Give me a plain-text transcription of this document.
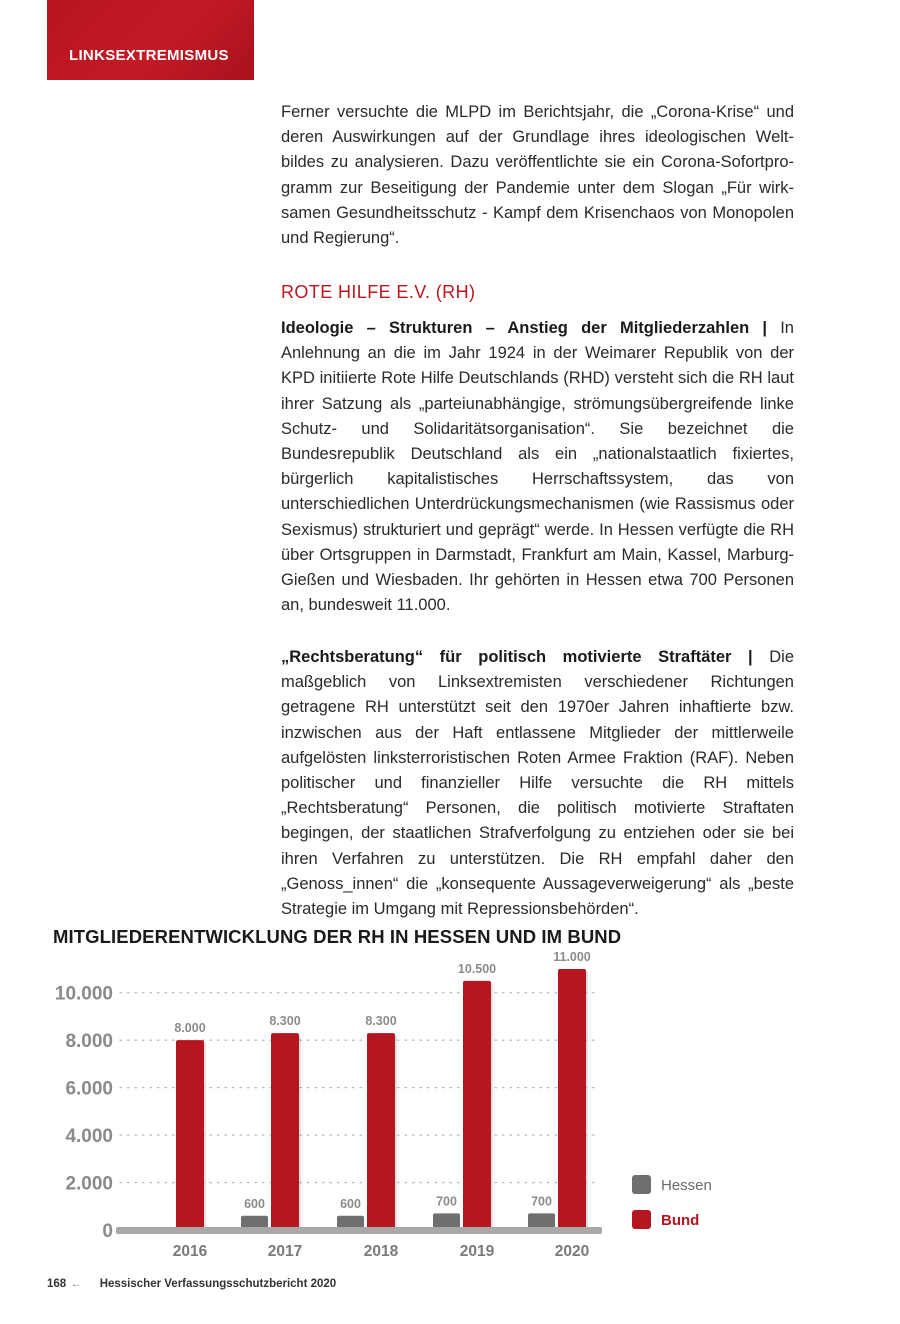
LINKSEXTREMISMUS

Ferner versuchte die MLPD im Berichtsjahr, die „Corona-Krise“ und deren Auswirkungen auf der Grundlage ihres ideologischen Weltbildes zu analysieren. Dazu veröffentlichte sie ein Corona-Sofortprogramm zur Beseitigung der Pandemie unter dem Slogan „Für wirksamen Gesundheitsschutz - Kampf dem Krisenchaos von Monopolen und Regierung“.

ROTE HILFE E.V. (RH)

Ideologie – Strukturen – Anstieg der Mitgliederzahlen | In Anlehnung an die im Jahr 1924 in der Weimarer Republik von der KPD initiierte Rote Hilfe Deutschlands (RHD) versteht sich die RH laut ihrer Satzung als „parteiunabhängige, strömungsübergreifende linke Schutz- und Solidaritätsorganisation“. Sie bezeichnet die Bundesrepublik Deutschland als ein „nationalstaatlich fixiertes, bürgerlich kapitalistisches Herrschaftssystem, das von unterschiedlichen Unterdrückungsmechanismen (wie Rassismus oder Sexismus) strukturiert und geprägt“ werde. In Hessen verfügte die RH über Ortsgruppen in Darmstadt, Frankfurt am Main, Kassel, Marburg-Gießen und Wiesbaden. Ihr gehörten in Hessen etwa 700 Personen an, bundesweit 11.000.

„Rechtsberatung“ für politisch motivierte Straftäter | Die maßgeblich von Linksextremisten verschiedener Richtungen getragene RH unterstützt seit den 1970er Jahren inhaftierte bzw. inzwischen aus der Haft entlassene Mitglieder der mittlerweile aufgelösten linksterroristischen Roten Armee Fraktion (RAF). Neben politischer und finanzieller Hilfe versuchte die RH mittels „Rechtsberatung“ Personen, die politisch motivierte Straftaten begingen, der staatlichen Strafverfolgung zu entziehen oder sie bei ihren Verfahren zu unterstützen. Die RH empfahl daher den „Genoss_innen“ die „konsequente Aussageverweigerung“ als „beste Strategie im Umgang mit Repressionsbehörden“.

MITGLIEDERENTWICKLUNG DER RH IN HESSEN UND IM BUND
0
2.000
4.000
6.000
8.000
10.000
8.000
2016
600
8.300
2017
600
8.300
2018
700
10.500
2019
700
11.000
2020
Hessen
Bund
168 ← Hessischer Verfassungsschutzbericht 2020
